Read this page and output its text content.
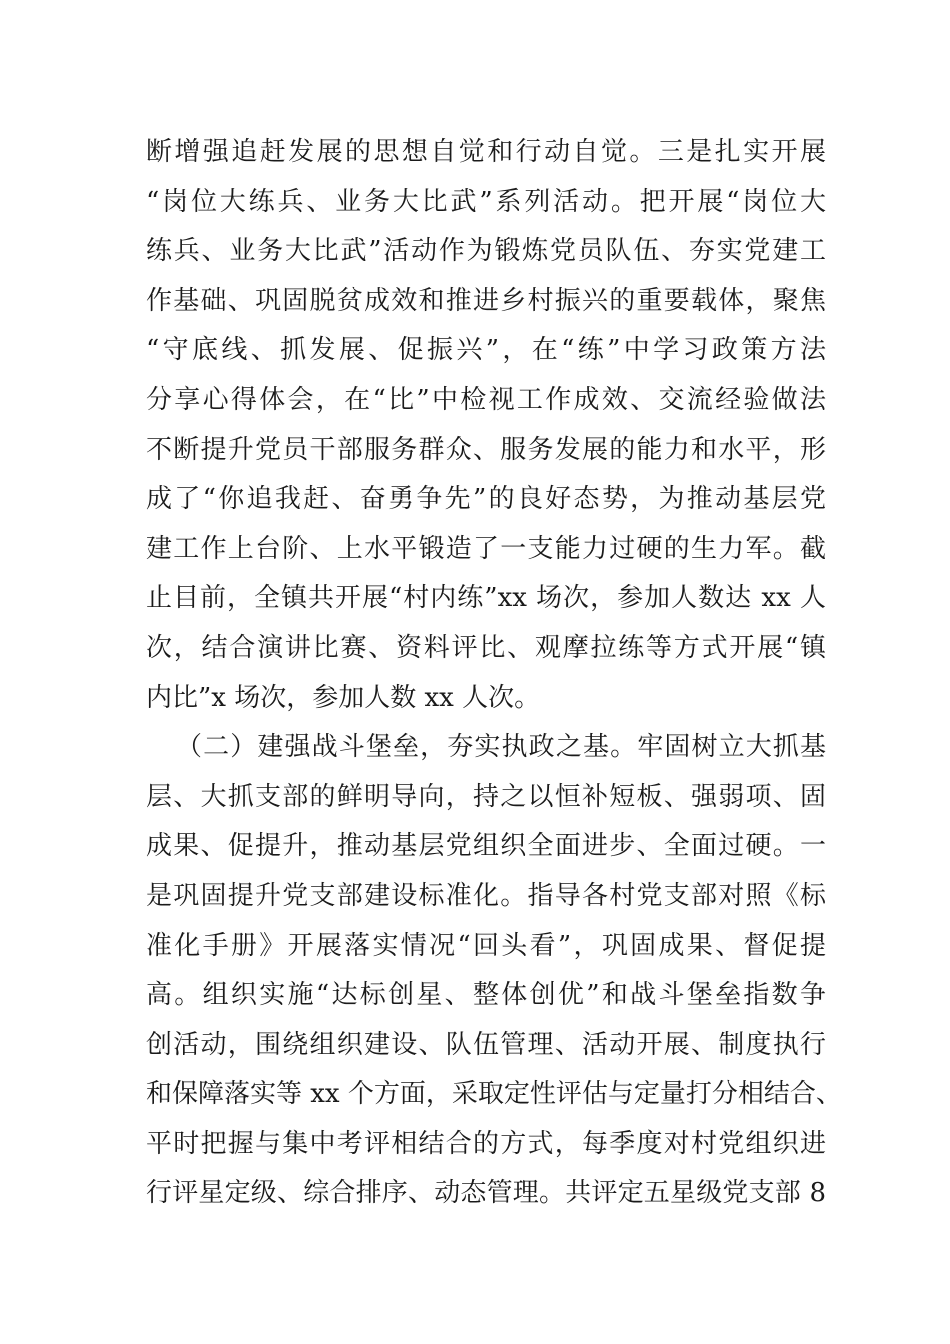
断增强追赶发展的思想自觉和行动自觉。三是扎实开展
“岗位大练兵、业务大比武”系列活动。把开展“岗位大
练兵、业务大比武”活动作为锻炼党员队伍、夯实党建工
作基础、巩固脱贫成效和推进乡村振兴的重要载体，聚焦
“守底线、抓发展、促振兴”，在“练”中学习政策方法
分享心得体会，在“比”中检视工作成效、交流经验做法
不断提升党员干部服务群众、服务发展的能力和水平，形
成了“你追我赶、奋勇争先”的良好态势，为推动基层党
建工作上台阶、上水平锻造了一支能力过硬的生力军。截
止目前，全镇共开展“村内练”xx 场次，参加人数达 xx 人
次，结合演讲比赛、资料评比、观摩拉练等方式开展“镇
内比”x 场次，参加人数 xx 人次。
（二）建强战斗堡垒，夯实执政之基。牢固树立大抓基
层、大抓支部的鲜明导向，持之以恒补短板、强弱项、固
成果、促提升，推动基层党组织全面进步、全面过硬。一
是巩固提升党支部建设标准化。指导各村党支部对照《标
准化手册》开展落实情况“回头看”，巩固成果、督促提
高。组织实施“达标创星、整体创优”和战斗堡垒指数争
创活动，围绕组织建设、队伍管理、活动开展、制度执行
和保障落实等 xx 个方面，采取定性评估与定量打分相结合、
平时把握与集中考评相结合的方式，每季度对村党组织进
行评星定级、综合排序、动态管理。共评定五星级党支部 8
